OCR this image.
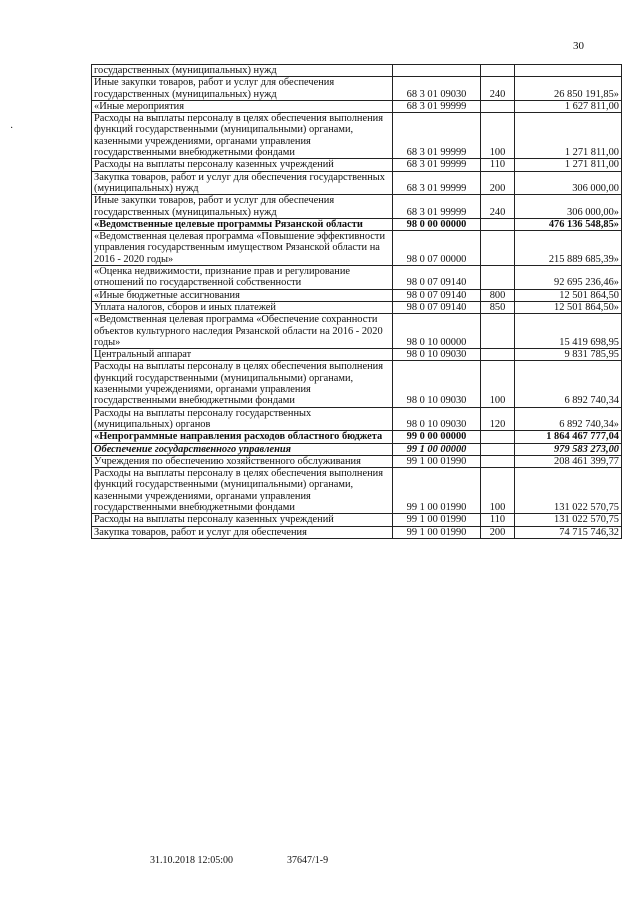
30
·
государственных (муниципальных) нужд			
Иные закупки товаров, работ и услуг для обеспечения государственных (муниципальных) нужд	68 3 01 09030	240	26 850 191,85»
«Иные мероприятия	68 3 01 99999		1 627 811,00
Расходы на выплаты персоналу в целях обеспечения выполнения функций государственными (муниципальными) органами, казенными учреждениями, органами управления государственными внебюджетными фондами	68 3 01 99999	100	1 271 811,00
Расходы на выплаты персоналу казенных учреждений	68 3 01 99999	110	1 271 811,00
Закупка товаров, работ и услуг для обеспечения государственных (муниципальных) нужд	68 3 01 99999	200	306 000,00
Иные закупки товаров, работ и услуг для обеспечения государственных (муниципальных) нужд	68 3 01 99999	240	306 000,00»
«Ведомственные целевые программы Рязанской области	98 0 00 00000		476 136 548,85»
«Ведомственная целевая программа «Повышение эффективности управления государственным имуществом Рязанской области на 2016 - 2020 годы»	98 0 07 00000		215 889 685,39»
«Оценка недвижимости, признание прав и регулирование отношений по государственной собственности	98 0 07 09140		92 695 236,46»
«Иные бюджетные ассигнования	98 0 07 09140	800	12 501 864,50
Уплата налогов, сборов и иных платежей	98 0 07 09140	850	12 501 864,50»
«Ведомственная целевая программа «Обеспечение сохранности объектов культурного наследия Рязанской области на 2016 - 2020 годы»	98 0 10 00000		15 419 698,95
Центральный аппарат	98 0 10 09030		9 831 785,95
Расходы на выплаты персоналу в целях обеспечения выполнения функций государственными (муниципальными) органами, казенными учреждениями, органами управления государственными внебюджетными фондами	98 0 10 09030	100	6 892 740,34
Расходы на выплаты персоналу государственных (муниципальных) органов	98 0 10 09030	120	6 892 740,34»
«Непрограммные направления расходов областного бюджета	99 0 00 00000		1 864 467 777,04
Обеспечение государственного управления	99 1 00 00000		979 583 273,00
Учреждения по обеспечению хозяйственного обслуживания	99 1 00 01990		208 461 399,77
Расходы на выплаты персоналу в целях обеспечения выполнения функций государственными (муниципальными) органами, казенными учреждениями, органами управления государственными внебюджетными фондами	99 1 00 01990	100	131 022 570,75
Расходы на выплаты персоналу казенных учреждений	99 1 00 01990	110	131 022 570,75
Закупка товаров, работ и услуг для обеспечения	99 1 00 01990	200	74 715 746,32
31.10.2018 12:05:00	37647/1-9
